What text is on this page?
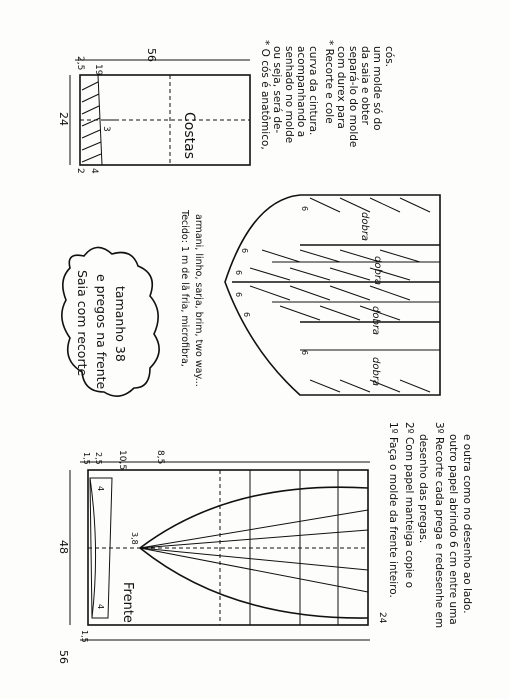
Costas
56
24
2,5 19
2 4
3	* O cós é anatômico, ou seja, será de- senhado no molde acompanhando a curva da cintura. * Recorte e cole com durex para separá-lo do molde da saia e obter um molde só do cós.
Saia com recorte e pregos na frente tamanho 38	Tecido: 1 m de lã fria, microfibra, armani, linho, sarja, brim, two way...	dobra
dobra
dobra
dobra
6
6
6
6
6
6
Frente
48
56
10,5	8,5
1,5 2,5
4
4
3,8
24
1,5
1º Faça o molde da frente inteiro. 2º Com papel manteiga copie o desenho das pregas. 3º Recorte cada prega e redesenhe em outro papel abrindo 6 cm entre uma e outra como no desenho ao lado.
